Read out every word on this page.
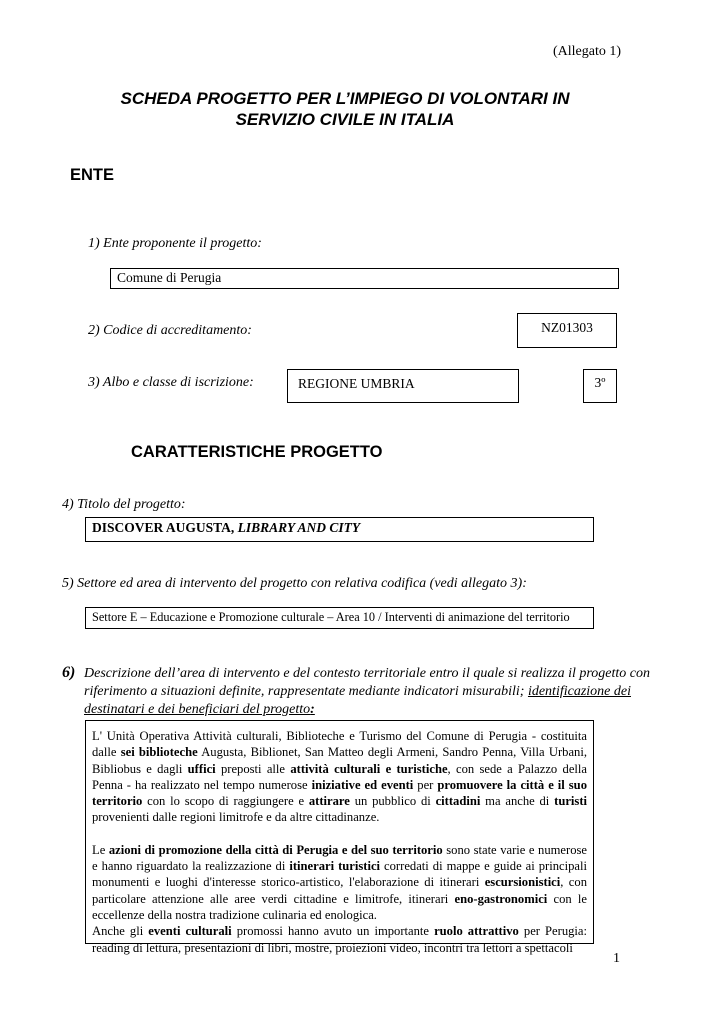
(Allegato 1)
SCHEDA PROGETTO PER L’IMPIEGO DI VOLONTARI IN
SERVIZIO CIVILE IN ITALIA
ENTE
1) Ente proponente il progetto:
Comune di Perugia
2) Codice di accreditamento:	NZ01303
3) Albo e classe di iscrizione:	REGIONE UMBRIA	3º
CARATTERISTICHE PROGETTO
4) Titolo del progetto:
DISCOVER AUGUSTA, LIBRARY AND CITY
5) Settore ed area di intervento del progetto con relativa codifica (vedi allegato 3):
Settore E – Educazione e Promozione culturale – Area 10 / Interventi di animazione del territorio
6) Descrizione dell’area di intervento e del contesto territoriale entro il quale si realizza il progetto con
riferimento a situazioni definite, rappresentate mediante indicatori misurabili; identificazione dei
destinatari e dei beneficiari del progetto:

L' Unità Operativa Attività culturali, Biblioteche e Turismo del Comune di Perugia - costituita dalle sei biblioteche Augusta, Biblionet, San Matteo degli Armeni, Sandro Penna, Villa Urbani, Bibliobus e dagli uffici preposti alle attività culturali e turistiche, con sede a Palazzo della Penna - ha realizzato nel tempo numerose iniziative ed eventi per promuovere la città e il suo territorio con lo scopo di raggiungere e attirare un pubblico di cittadini ma anche di turisti provenienti dalle regioni limitrofe e da altre cittadinanze.

Le azioni di promozione della città di Perugia e del suo territorio sono state varie e numerose e hanno riguardato la realizzazione di itinerari turistici corredati di mappe e guide ai principali monumenti e luoghi d'interesse storico-artistico, l'elaborazione di itinerari escursionistici, con particolare attenzione alle aree verdi cittadine e limitrofe, itinerari eno-gastronomici con le eccellenze della nostra tradizione culinaria ed enologica.

Anche gli eventi culturali promossi hanno avuto un importante ruolo attrattivo per Perugia: reading di lettura, presentazioni di libri, mostre, proiezioni video, incontri tra lettori a spettacoli

1
